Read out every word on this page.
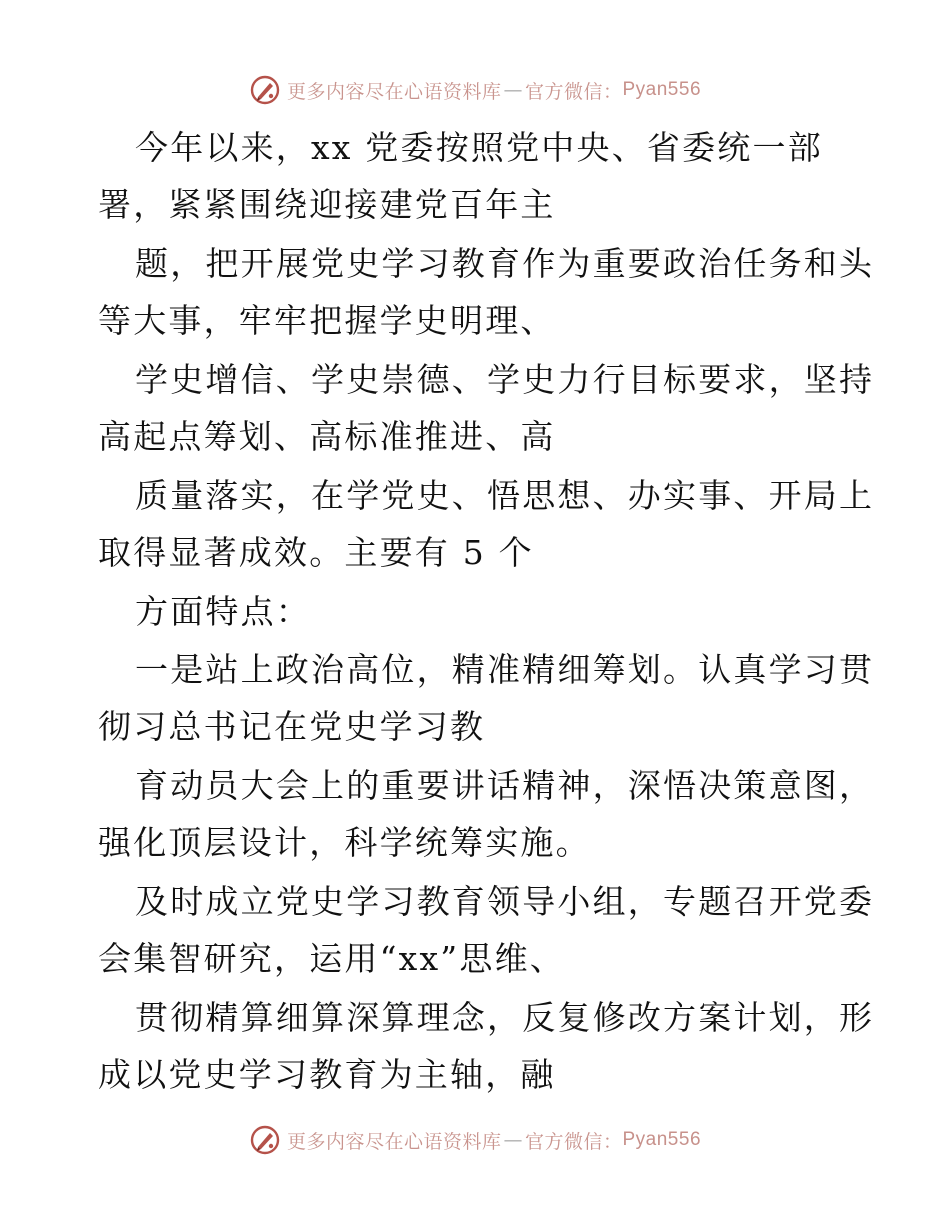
更多内容尽在心语资料库 — 官方微信： Pyan556
今年以来，xx 党委按照党中央、省委统一部
署，紧紧围绕迎接建党百年主
题，把开展党史学习教育作为重要政治任务和头
等大事，牢牢把握学史明理、
学史增信、学史崇德、学史力行目标要求，坚持
高起点筹划、高标准推进、高
质量落实，在学党史、悟思想、办实事、开局上
取得显著成效。主要有 5 个
方面特点：
一是站上政治高位，精准精细筹划。认真学习贯
彻习总书记在党史学习教
育动员大会上的重要讲话精神，深悟决策意图，
强化顶层设计，科学统筹实施。
及时成立党史学习教育领导小组，专题召开党委
会集智研究，运用“xx”思维、
贯彻精算细算深算理念，反复修改方案计划，形
成以党史学习教育为主轴，融
更多内容尽在心语资料库 — 官方微信： Pyan556
